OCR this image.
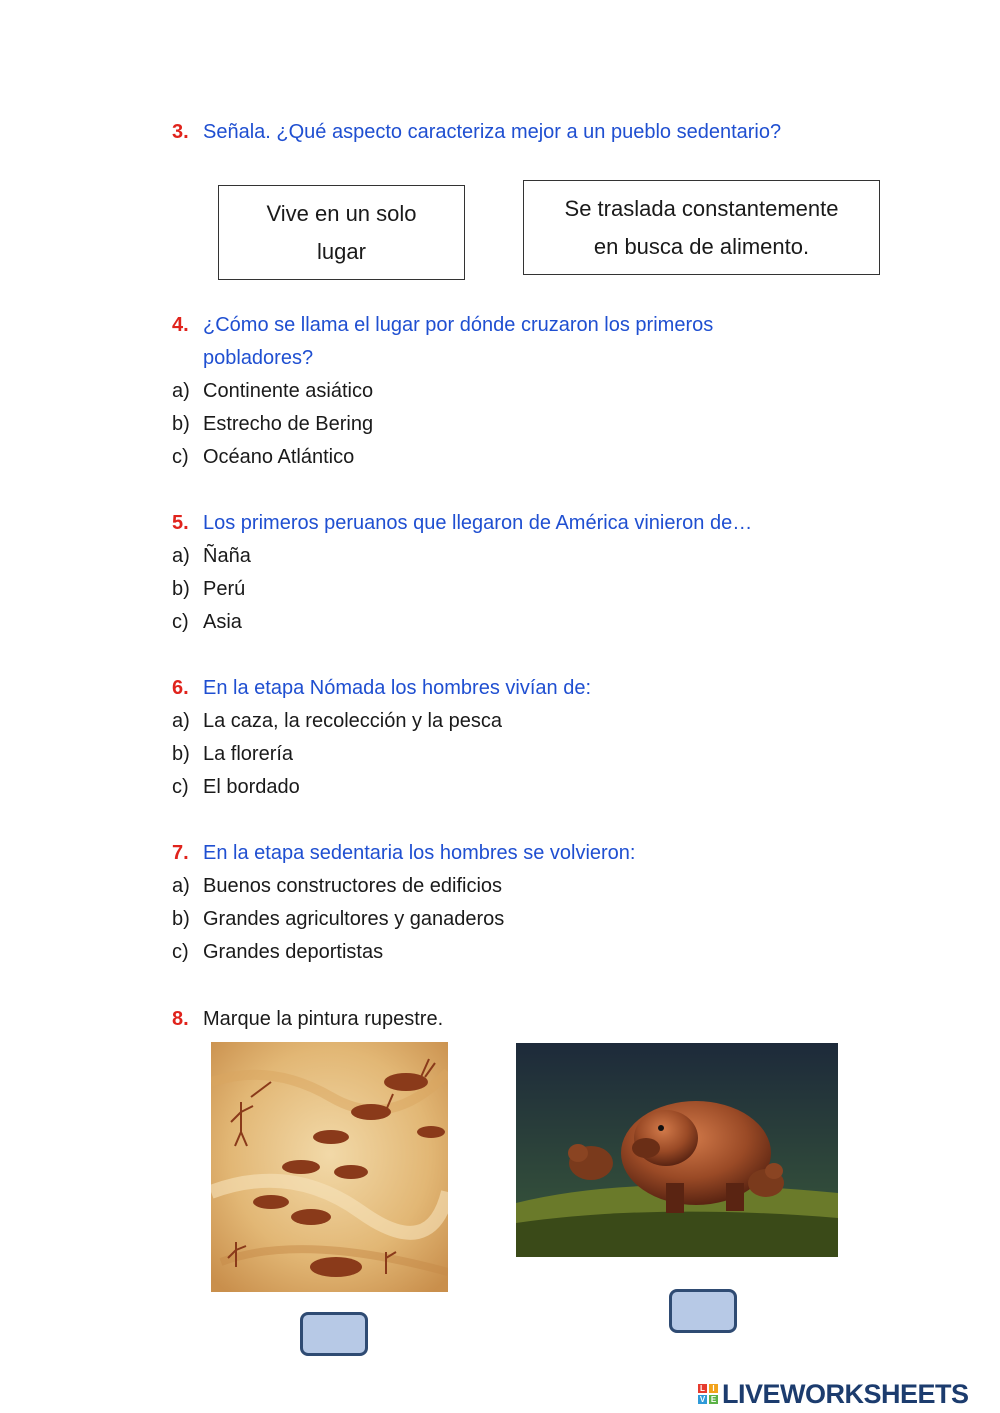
3. Señala. ¿Qué aspecto caracteriza mejor a un pueblo sedentario?
Vive en un solo
lugar
Se traslada constantemente
en busca de alimento.
4. ¿Cómo se llama el lugar por dónde cruzaron los primeros
pobladores?
a) Continente asiático
b) Estrecho de Bering
c) Océano Atlántico
5. Los primeros peruanos que llegaron de América vinieron de…
a) Ñaña
b) Perú
c) Asia
6. En la etapa Nómada los hombres vivían de:
a) La caza, la recolección y la pesca
b) La florería
c) El bordado
7. En la etapa sedentaria los hombres se volvieron:
a) Buenos constructores de edificios
b) Grandes agricultores y ganaderos
c) Grandes deportistas
8. Marque la pintura rupestre.
L I
V E LIVEWORKSHEETS
